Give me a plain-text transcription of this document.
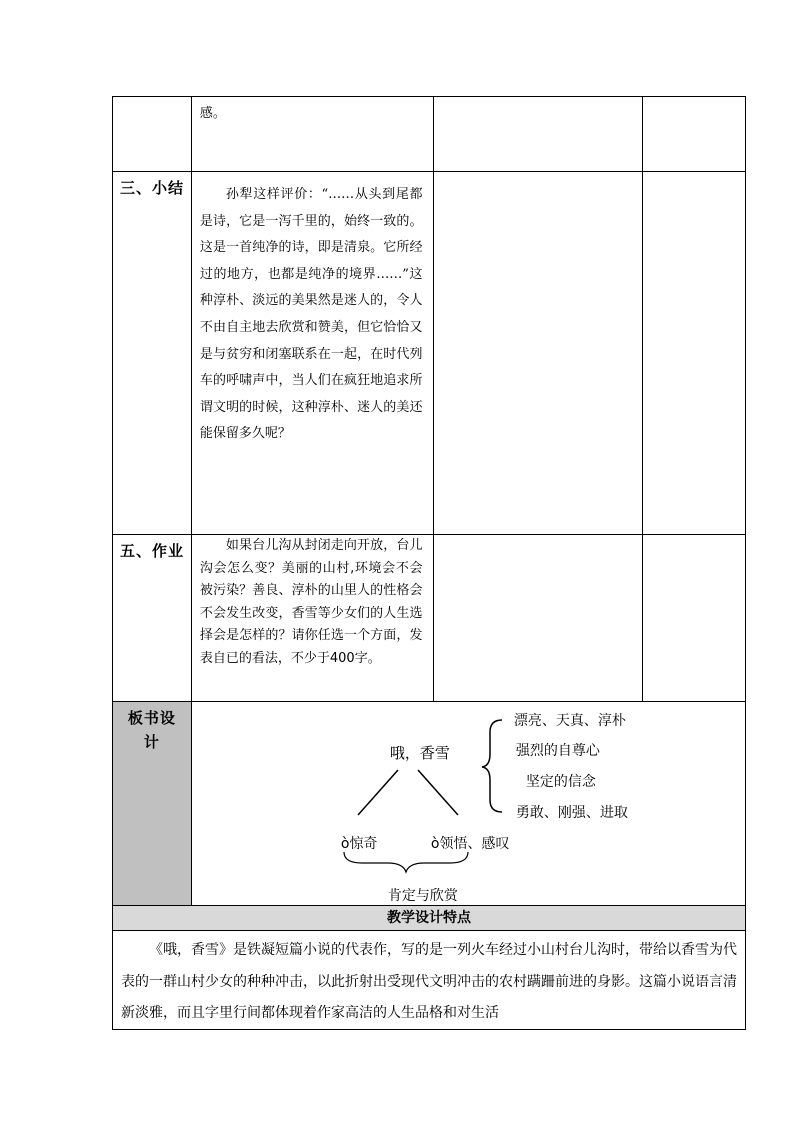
感。
三、小结	孙犁这样评价：“……从头到尾都是诗，它是一泻千里的，始终一致的。这是一首纯净的诗，即是清泉。它所经过的地方，也都是纯净的境界……”这种淳朴、淡远的美果然是迷人的，令人不由自主地去欣赏和赞美，但它恰恰又是与贫穷和闭塞联系在一起，在时代列车的呼啸声中，当人们在疯狂地追求所谓文明的时候，这种淳朴、迷人的美还能保留多久呢？
五、作业	如果台儿沟从封闭走向开放，台儿沟会怎么变？美丽的山村,环境会不会被污染？善良、淳朴的山里人的性格会不会发生改变，香雪等少女们的人生选择会是怎样的？请你任选一个方面，发表自已的看法，不少于400字。
板书设
计
哦，香雪
漂亮、天真、淳朴
强烈的自尊心
坚定的信念
勇敢、刚强、进取
ò惊奇	ò领悟、感叹
肯定与欣赏
教学设计特点
《哦，香雪》是铁凝短篇小说的代表作，写的是一列火车经过小山村台儿沟时，带给以香雪为代表的一群山村少女的种种冲击，以此折射出受现代文明冲击的农村蹒跚前进的身影。这篇小说语言清新淡雅，而且字里行间都体现着作家高洁的人生品格和对生活
